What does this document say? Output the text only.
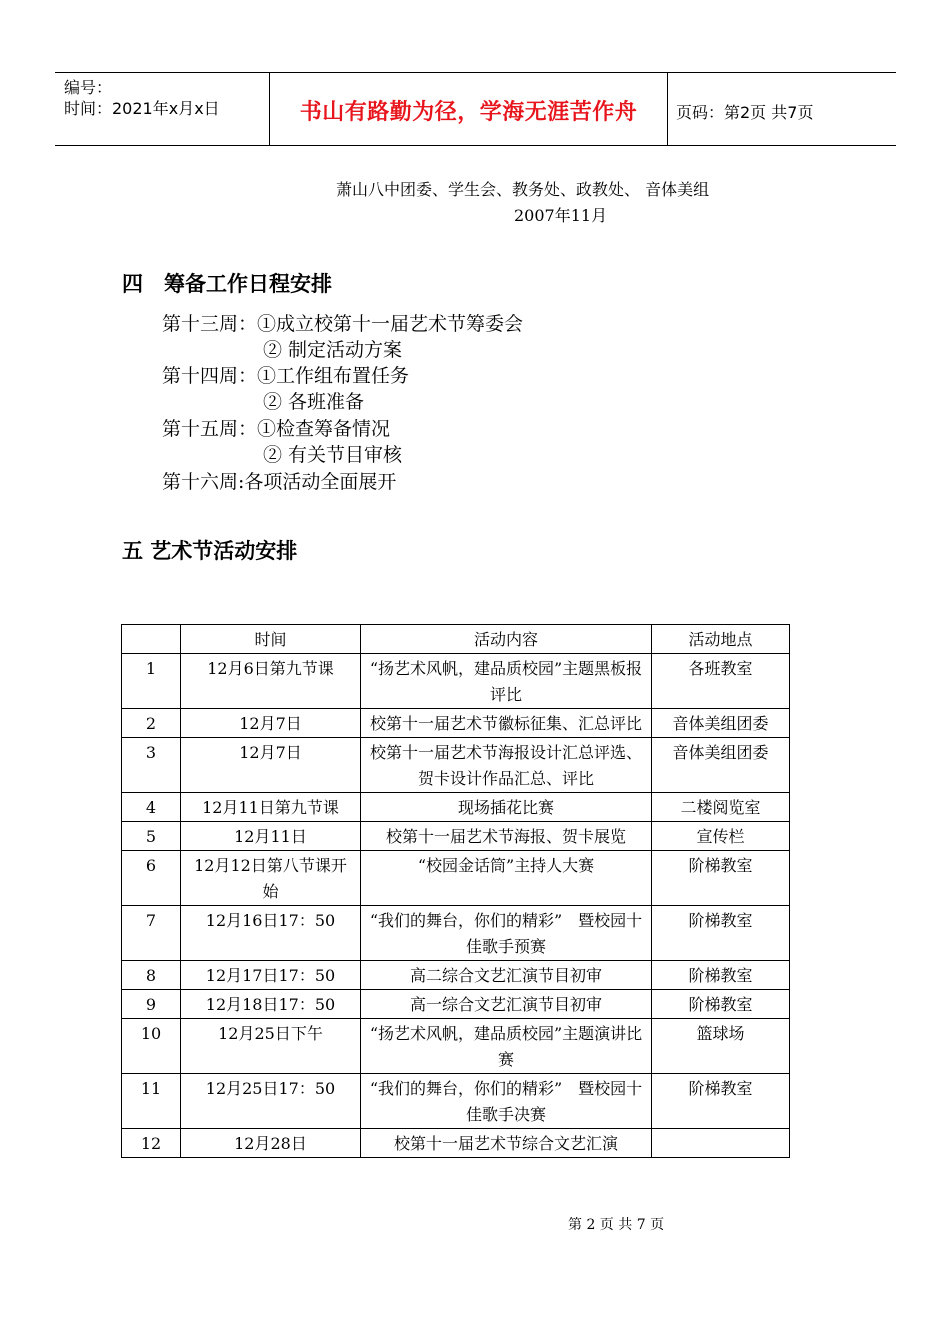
编号：
时间：2021年x月x日	书山有路勤为径，学海无涯苦作舟	页码：第2页 共7页
萧山八中团委、学生会、教务处、政教处、 音体美组
2007年11月
四　筹备工作日程安排
第十三周：①成立校第十一届艺术节筹委会
② 制定活动方案
第十四周：①工作组布置任务
② 各班准备
第十五周：①检查筹备情况
② 有关节目审核
第十六周:各项活动全面展开
五 艺术节活动安排
	时间	活动内容	活动地点
1	12月6日第九节课	“扬艺术风帆，建品质校园”主题黑板报评比	各班教室
2	12月7日	校第十一届艺术节徽标征集、汇总评比	音体美组团委
3	12月7日	校第十一届艺术节海报设计汇总评选、贺卡设计作品汇总、评比	音体美组团委
4	12月11日第九节课	现场插花比赛	二楼阅览室
5	12月11日	校第十一届艺术节海报、贺卡展览	宣传栏
6	12月12日第八节课开始	“校园金话筒”主持人大赛	阶梯教室
7	12月16日17：50	“我们的舞台，你们的精彩”　暨校园十佳歌手预赛	阶梯教室
8	12月17日17：50	高二综合文艺汇演节目初审	阶梯教室
9	12月18日17：50	高一综合文艺汇演节目初审	阶梯教室
10	12月25日下午	“扬艺术风帆，建品质校园”主题演讲比赛	篮球场
11	12月25日17：50	“我们的舞台，你们的精彩”　暨校园十佳歌手决赛	阶梯教室
12	12月28日	校第十一届艺术节综合文艺汇演	
第 2 页 共 7 页
